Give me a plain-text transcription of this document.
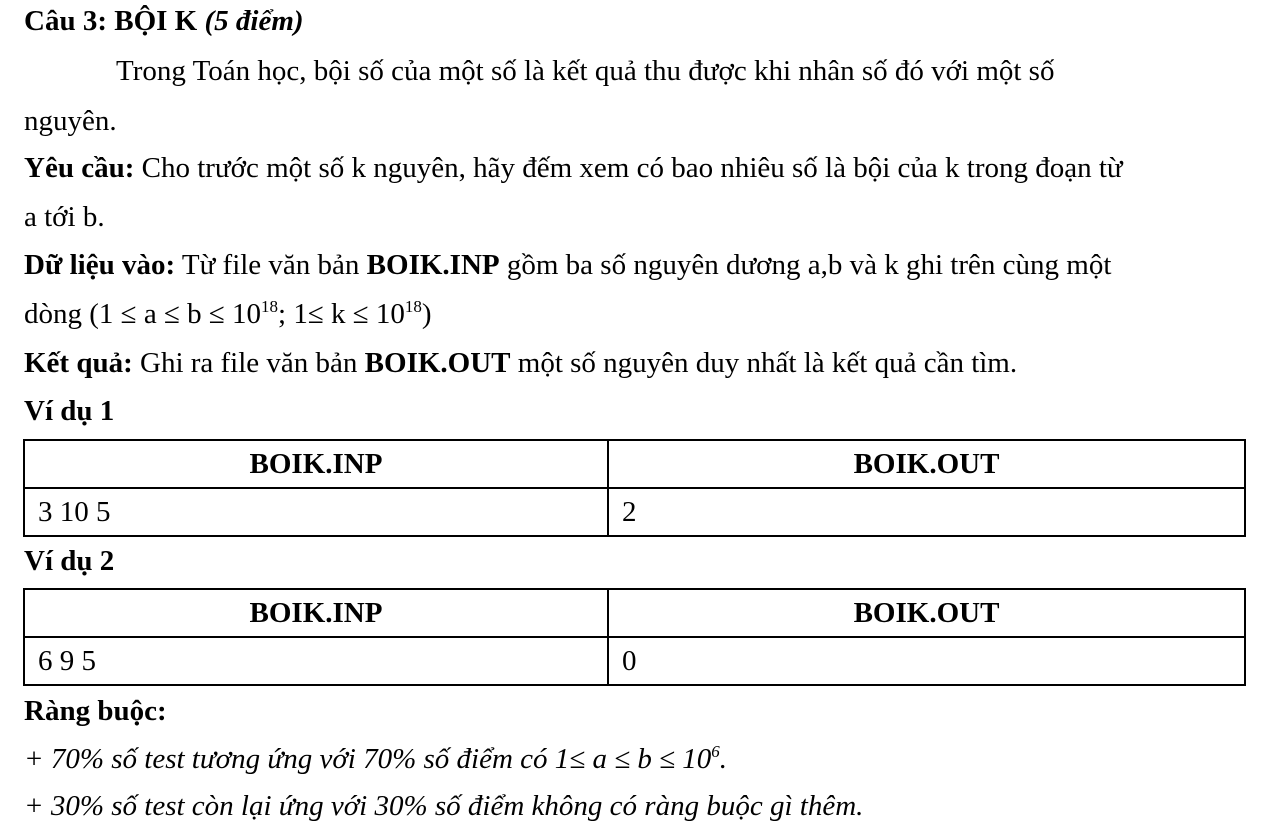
Câu 3: BỘI K (5 điểm)
Trong Toán học, bội số của một số là kết quả thu được khi nhân số đó với một số
nguyên.
Yêu cầu: Cho trước một số k nguyên, hãy đếm xem có bao nhiêu số là bội của k trong đoạn từ
a tới b.
Dữ liệu vào: Từ file văn bản BOIK.INP gồm ba số nguyên dương a,b và k ghi trên cùng một
dòng ($1 \le a \le b \le 10^{18}$; $1\le k \le 10^{18}$)
Kết quả: Ghi ra file văn bản BOIK.OUT một số nguyên duy nhất là kết quả cần tìm.
Ví dụ 1
BOIK.INP	BOIK.OUT
3 10 5	2
Ví dụ 2
BOIK.INP	BOIK.OUT
6 9 5	0
Ràng buộc:
+ 70% số test tương ứng với 70% số điểm có $1\le a \le b \le 10^6$.
+ 30% số test còn lại ứng với 30% số điểm không có ràng buộc gì thêm.
